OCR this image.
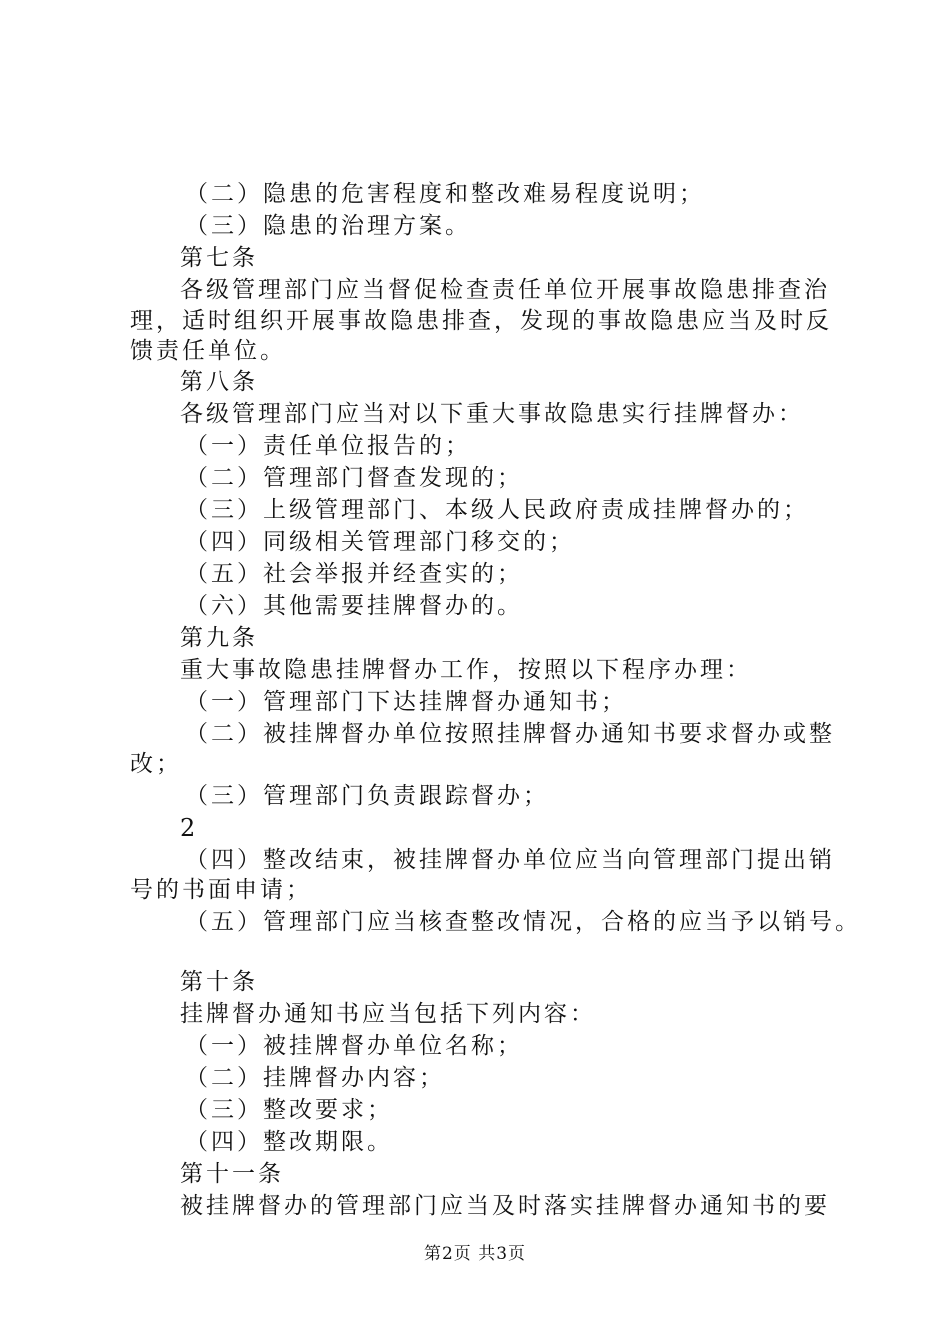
（二）隐患的危害程度和整改难易程度说明；
（三）隐患的治理方案。
第七条
各级管理部门应当督促检查责任单位开展事故隐患排查治
理，适时组织开展事故隐患排查，发现的事故隐患应当及时反
馈责任单位。
第八条
各级管理部门应当对以下重大事故隐患实行挂牌督办：
（一）责任单位报告的；
（二）管理部门督查发现的；
（三）上级管理部门、本级人民政府责成挂牌督办的；
（四）同级相关管理部门移交的；
（五）社会举报并经查实的；
（六）其他需要挂牌督办的。
第九条
重大事故隐患挂牌督办工作，按照以下程序办理：
（一）管理部门下达挂牌督办通知书；
（二）被挂牌督办单位按照挂牌督办通知书要求督办或整
改；
（三）管理部门负责跟踪督办；
2
（四）整改结束，被挂牌督办单位应当向管理部门提出销
号的书面申请；
（五）管理部门应当核查整改情况，合格的应当予以销号。
第十条
挂牌督办通知书应当包括下列内容：
（一）被挂牌督办单位名称；
（二）挂牌督办内容；
（三）整改要求；
（四）整改期限。
第十一条
被挂牌督办的管理部门应当及时落实挂牌督办通知书的要
第2页 共3页
